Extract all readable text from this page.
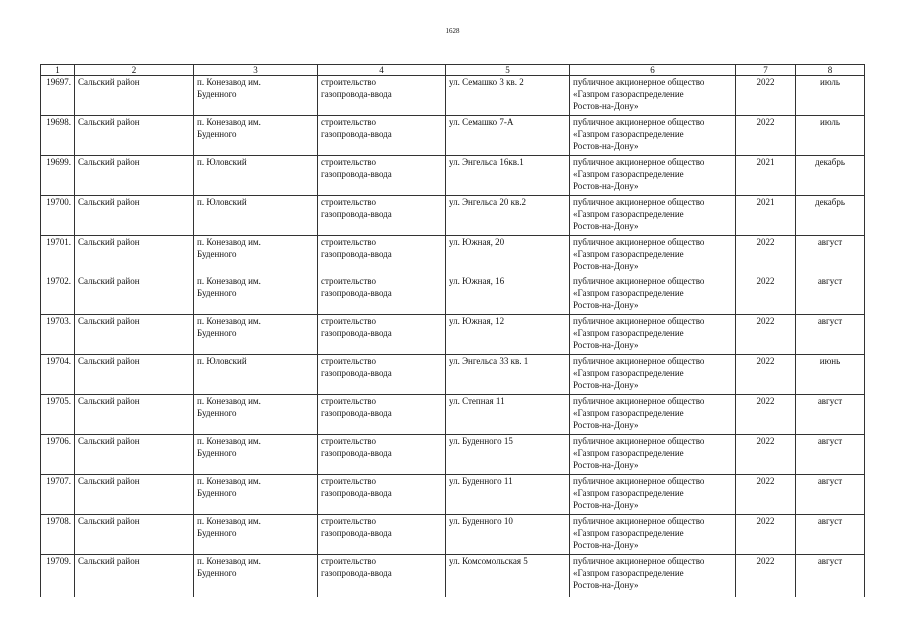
1628
1	2	3	4	5	6	7	8
19697.	Сальский район	п. Конезавод им.
Буденного	строительство
газопровода-ввода	ул. Семашко 3 кв. 2	публичное акционерное общество
«Газпром газораспределение
Ростов-на-Дону»	2022	июль
19698.	Сальский район	п. Конезавод им.
Буденного	строительство
газопровода-ввода	ул. Семашко 7-А	публичное акционерное общество
«Газпром газораспределение
Ростов-на-Дону»	2022	июль
19699.	Сальский район	п. Юловский	строительство
газопровода-ввода	ул. Энгельса 16кв.1	публичное акционерное общество
«Газпром газораспределение
Ростов-на-Дону»	2021	декабрь
19700.	Сальский район	п. Юловский	строительство
газопровода-ввода	ул. Энгельса 20 кв.2	публичное акционерное общество
«Газпром газораспределение
Ростов-на-Дону»	2021	декабрь
19701.	Сальский район	п. Конезавод им.
Буденного	строительство
газопровода-ввода	ул. Южная, 20	публичное акционерное общество
«Газпром газораспределение
Ростов-на-Дону»	2022	август
19702.	Сальский район	п. Конезавод им.
Буденного	строительство
газопровода-ввода	ул. Южная, 16	публичное акционерное общество
«Газпром газораспределение
Ростов-на-Дону»	2022	август
19703.	Сальский район	п. Конезавод им.
Буденного	строительство
газопровода-ввода	ул. Южная, 12	публичное акционерное общество
«Газпром газораспределение
Ростов-на-Дону»	2022	август
19704.	Сальский район	п. Юловский	строительство
газопровода-ввода	ул. Энгельса 33 кв. 1	публичное акционерное общество
«Газпром газораспределение
Ростов-на-Дону»	2022	июнь
19705.	Сальский район	п. Конезавод им.
Буденного	строительство
газопровода-ввода	ул. Степная 11	публичное акционерное общество
«Газпром газораспределение
Ростов-на-Дону»	2022	август
19706.	Сальский район	п. Конезавод им.
Буденного	строительство
газопровода-ввода	ул. Буденного 15	публичное акционерное общество
«Газпром газораспределение
Ростов-на-Дону»	2022	август
19707.	Сальский район	п. Конезавод им.
Буденного	строительство
газопровода-ввода	ул. Буденного 11	публичное акционерное общество
«Газпром газораспределение
Ростов-на-Дону»	2022	август
19708.	Сальский район	п. Конезавод им.
Буденного	строительство
газопровода-ввода	ул. Буденного 10	публичное акционерное общество
«Газпром газораспределение
Ростов-на-Дону»	2022	август
19709.	Сальский район	п. Конезавод им.
Буденного	строительство
газопровода-ввода	ул. Комсомольская 5	публичное акционерное общество
«Газпром газораспределение
Ростов-на-Дону»	2022	август
